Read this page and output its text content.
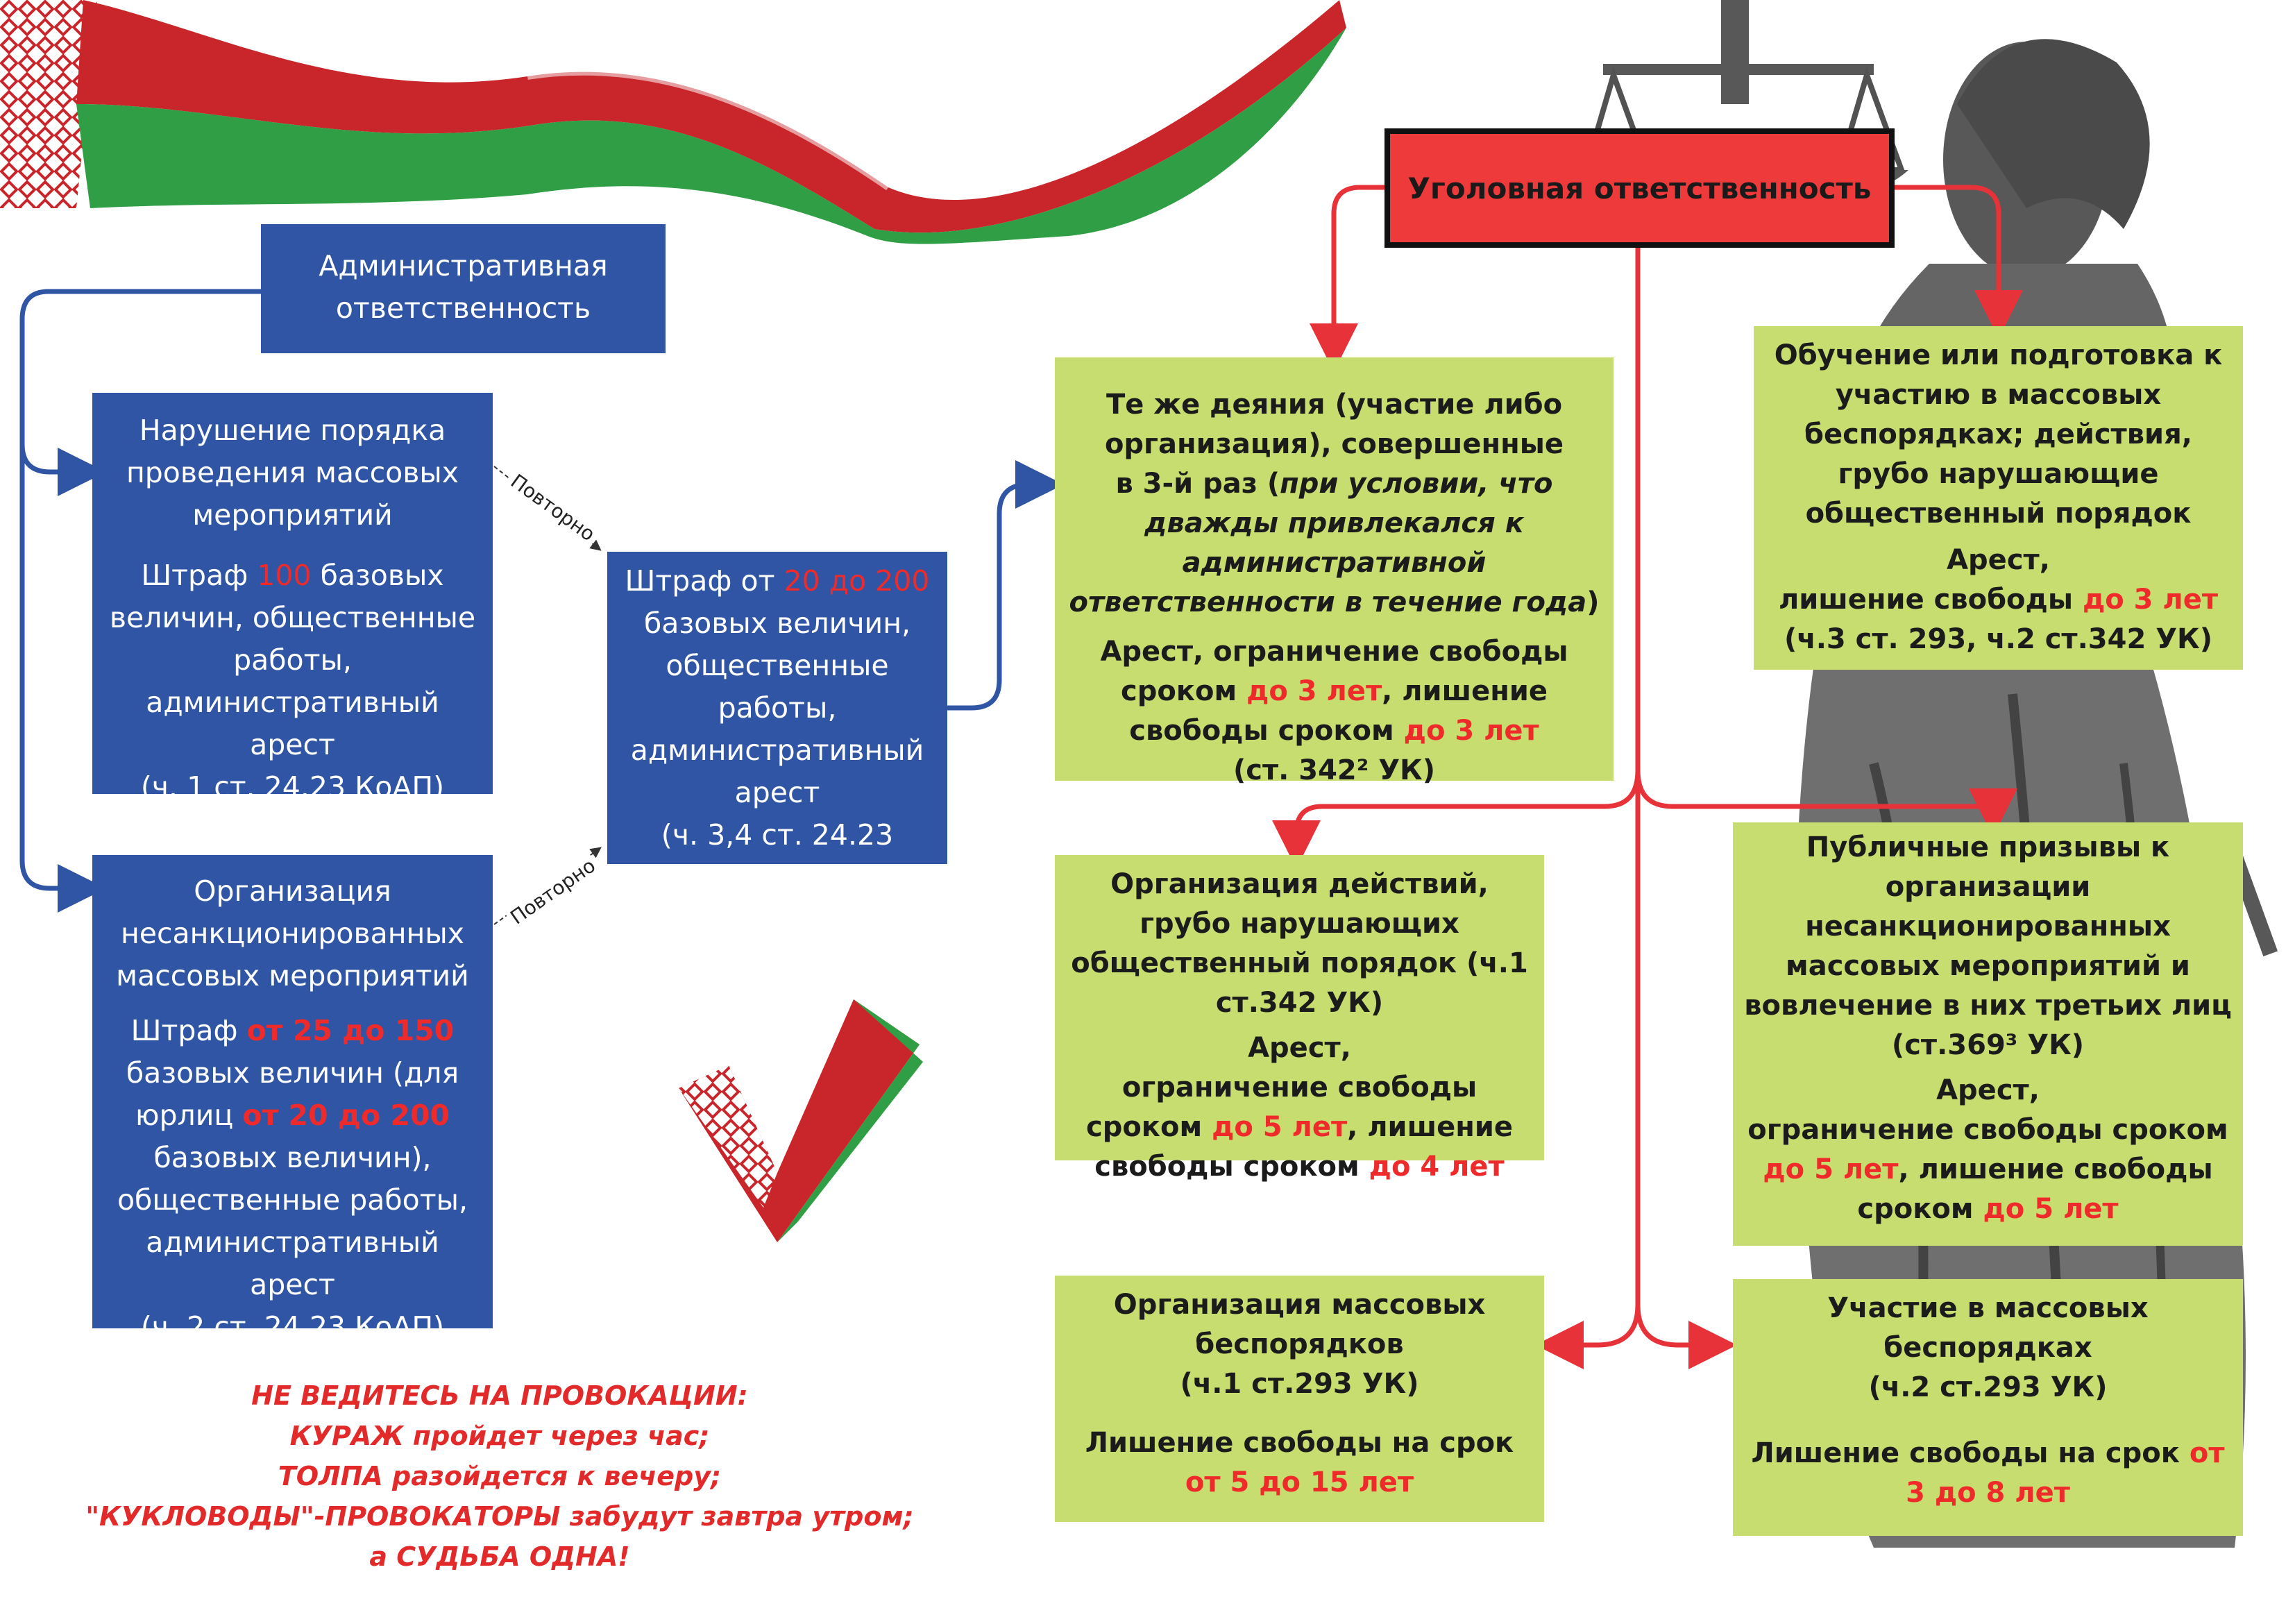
Повторно
Повторно
Административная ответственность

Нарушение порядка проведения массовых мероприятий

Штраф 100 базовых величин, общественные работы, административный арест

(ч. 1 ст. 24.23 КоАП)

Организация несанкционированных массовых мероприятий

Штраф от 25 до 150 базовых величин (для юрлиц от 20 до 200 базовых величин), общественные работы, административный арест

(ч. 2 ст. 24.23 КоАП)

Штраф от 20 до 200 базовых величин, общественные работы, административный арест

(ч. 3,4 ст. 24.23 КоАП)

НЕ ВЕДИТЕСЬ НА ПРОВОКАЦИИ:
КУРАЖ пройдет через час;
ТОЛПА разойдется к вечеру;
"КУКЛОВОДЫ"-ПРОВОКАТОРЫ забудут завтра утром;
а СУДЬБА ОДНА!
Уголовная ответственность

Те же деяния (участие либо организация), совершенные

в 3-й раз (при условии, что дважды привлекался к административной ответственности в течение года)

Арест, ограничение свободы сроком до 3 лет, лишение свободы сроком до 3 лет

(ст. 342² УК)

Обучение или подготовка к участию в массовых беспорядках; действия, грубо нарушающие общественный порядок

Арест,

лишение свободы до 3 лет

(ч.3 ст. 293, ч.2 ст.342 УК)

Организация действий, грубо нарушающих общественный порядок (ч.1 ст.342 УК)

Арест,

ограничение свободы сроком до 5 лет, лишение свободы сроком до 4 лет

Публичные призывы к организации несанкционированных массовых мероприятий и вовлечение в них третьих лиц

(ст.369³ УК)

Арест,

ограничение свободы сроком до 5 лет, лишение свободы сроком до 5 лет

Организация массовых беспорядков

(ч.1 ст.293 УК)

Лишение свободы на срок от 5 до 15 лет

Участие в массовых беспорядках

(ч.2 ст.293 УК)

Лишение свободы на срок от 3 до 8 лет
